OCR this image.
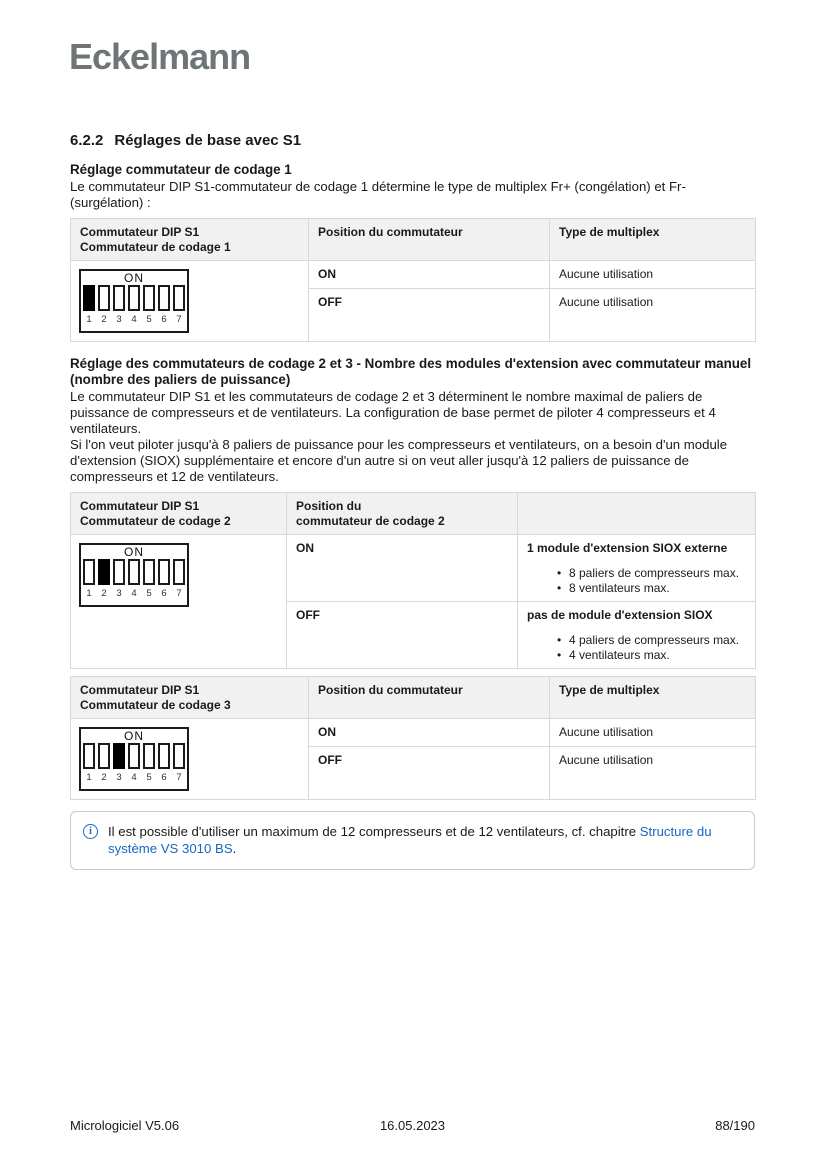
Eckelmann
6.2.2 Réglages de base avec S1
Réglage commutateur de codage 1

Le commutateur DIP S1-commutateur de codage 1 détermine le type de multiplex Fr+ (congélation) et Fr- (surgélation) :

Commutateur DIP S1
Commutateur de codage 1	Position du commutateur	Type de multiplex

ON
1	2	3	4	5	6	7
	ON	Aucune utilisation
	OFF	Aucune utilisation
Réglage des commutateurs de codage 2 et 3 - Nombre des modules d'extension avec commutateur manuel (nombre des paliers de puissance)

Le commutateur DIP S1 et les commutateurs de codage 2 et 3 déterminent le nombre maximal de paliers de puissance de compresseurs et de ventilateurs. La configuration de base permet de piloter 4 compresseurs et 4 ventilateurs.

Si l'on veut piloter jusqu'à 8 paliers de puissance pour les compresseurs et ventilateurs, on a besoin d'un module d'extension (SIOX) supplémentaire et encore d'un autre si on veut aller jusqu'à 12 paliers de puissance de compresseurs et 12 de ventilateurs.

Commutateur DIP S1
Commutateur de codage 2

Position du
commutateur de codage 2

ON
1	2	3	4	5	6	7
	ON	1 module d'extension SIOX externe
• 8 paliers de compresseurs max.
• 8 ventilateurs max.

	OFF	pas de module d'extension SIOX
• 4 paliers de compresseurs max.
• 4 ventilateurs max.
Commutateur DIP S1
Commutateur de codage 3	Position du commutateur	Type de multiplex

ON
1	2	3	4	5	6	7
	ON	Aucune utilisation
	OFF	Aucune utilisation
i	Il est possible d'utiliser un maximum de 12 compresseurs et de 12 ventilateurs, cf. chapitre Structure du système VS 3010 BS.
Micrologiciel V5.06	16.05.2023	88/190
